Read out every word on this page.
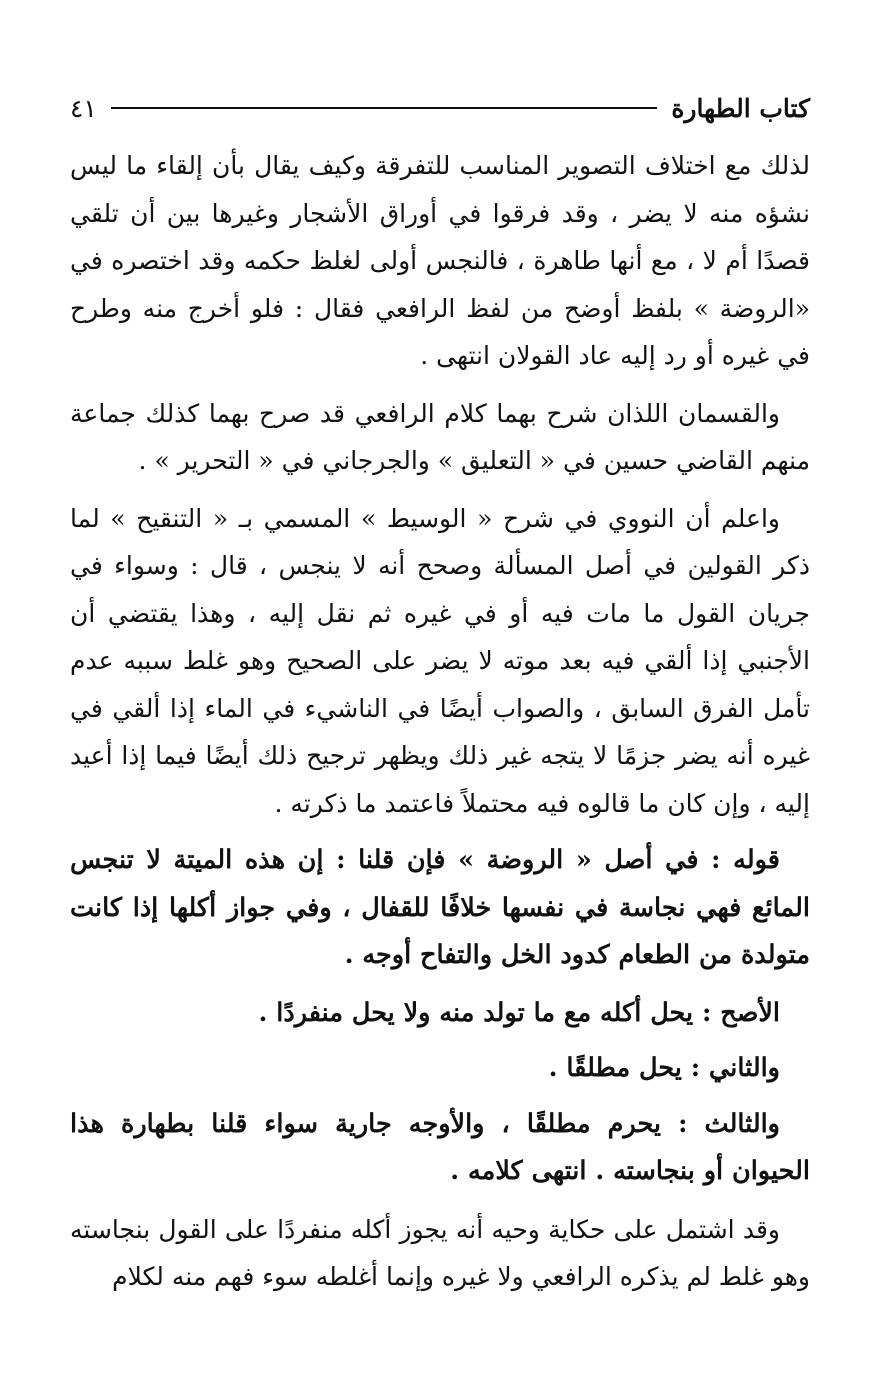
كتاب الطهارة
٤١

لذلك مع اختلاف التصوير المناسب للتفرقة وكيف يقال بأن إلقاء ما ليس نشؤه منه لا يضر ، وقد فرقوا في أوراق الأشجار وغيرها بين أن تلقي قصدًا أم لا ، مع أنها طاهرة ، فالنجس أولى لغلظ حكمه وقد اختصره في «الروضة » بلفظ أوضح من لفظ الرافعي فقال : فلو أخرج منه وطرح في غيره أو رد إليه عاد القولان انتهى .

والقسمان اللذان شرح بهما كلام الرافعي قد صرح بهما كذلك جماعة منهم القاضي حسين في « التعليق » والجرجاني في « التحرير » .

واعلم أن النووي في شرح « الوسيط » المسمي بـ « التنقيح » لما ذكر القولين في أصل المسألة وصحح أنه لا ينجس ، قال : وسواء في جريان القول ما مات فيه أو في غيره ثم نقل إليه ، وهذا يقتضي أن الأجنبي إذا ألقي فيه بعد موته لا يضر على الصحيح وهو غلط سببه عدم تأمل الفرق السابق ، والصواب أيضًا في الناشيء في الماء إذا ألقي في غيره أنه يضر جزمًا لا يتجه غير ذلك ويظهر ترجيح ذلك أيضًا فيما إذا أعيد إليه ، وإن كان ما قالوه فيه محتملاً فاعتمد ما ذكرته .

قوله : في أصل « الروضة » فإن قلنا : إن هذه الميتة لا تنجس المائع فهي نجاسة في نفسها خلافًا للقفال ، وفي جواز أكلها إذا كانت متولدة من الطعام كدود الخل والتفاح أوجه .

الأصح : يحل أكله مع ما تولد منه ولا يحل منفردًا .

والثاني : يحل مطلقًا .

والثالث : يحرم مطلقًا ، والأوجه جارية سواء قلنا بطهارة هذا الحيوان أو بنجاسته . انتهى كلامه .

وقد اشتمل على حكاية وحيه أنه يجوز أكله منفردًا على القول بنجاسته وهو غلط لم يذكره الرافعي ولا غيره وإنما أغلطه سوء فهم منه لكلام
